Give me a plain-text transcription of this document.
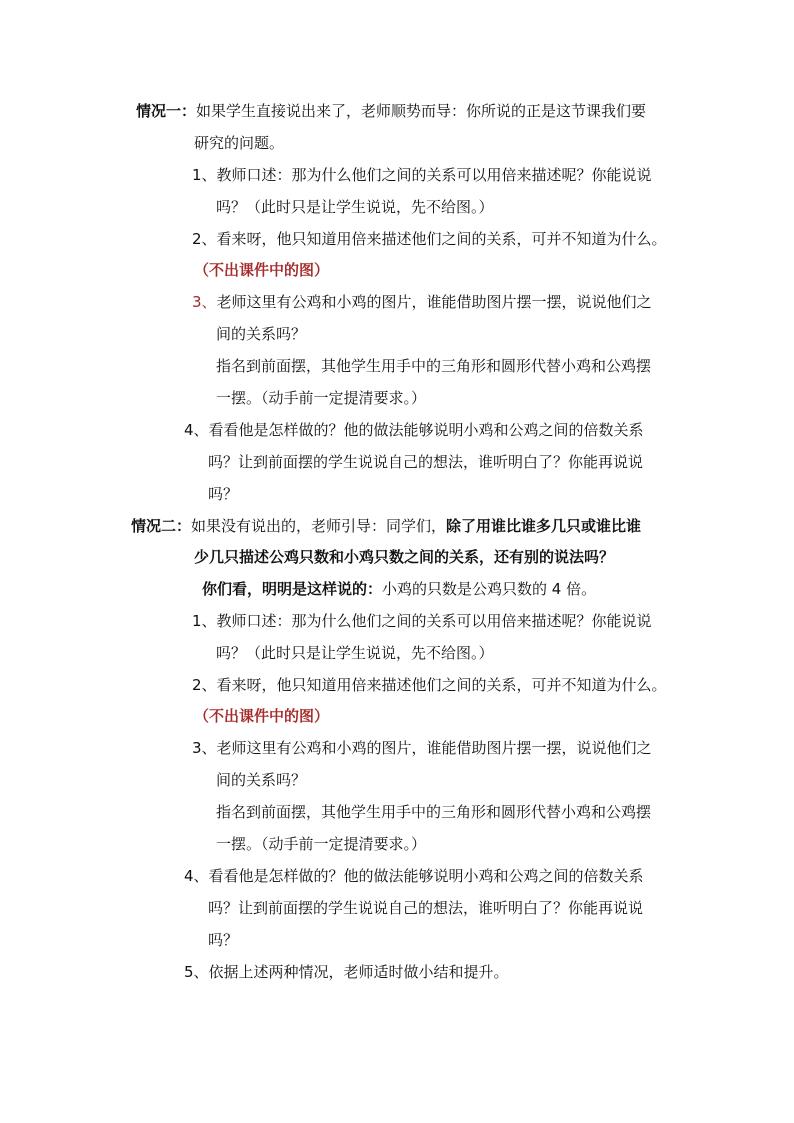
情况一：如果学生直接说出来了，老师顺势而导：你所说的正是这节课我们要
研究的问题。
1、教师口述：那为什么他们之间的关系可以用倍来描述呢？你能说说
吗？（此时只是让学生说说，先不给图。）
2、看来呀，他只知道用倍来描述他们之间的关系，可并不知道为什么。
（不出课件中的图）
3、老师这里有公鸡和小鸡的图片，谁能借助图片摆一摆，说说他们之
间的关系吗？
指名到前面摆，其他学生用手中的三角形和圆形代替小鸡和公鸡摆
一摆。（动手前一定提清要求。）
4、看看他是怎样做的？他的做法能够说明小鸡和公鸡之间的倍数关系
吗？让到前面摆的学生说说自己的想法，谁听明白了？你能再说说
吗？
情况二：如果没有说出的，老师引导：同学们，除了用谁比谁多几只或谁比谁
少几只描述公鸡只数和小鸡只数之间的关系，还有别的说法吗？
你们看，明明是这样说的：小鸡的只数是公鸡只数的 4 倍。
1、教师口述：那为什么他们之间的关系可以用倍来描述呢？你能说说
吗？（此时只是让学生说说，先不给图。）
2、看来呀，他只知道用倍来描述他们之间的关系，可并不知道为什么。
（不出课件中的图）
3、老师这里有公鸡和小鸡的图片，谁能借助图片摆一摆，说说他们之
间的关系吗？
指名到前面摆，其他学生用手中的三角形和圆形代替小鸡和公鸡摆
一摆。（动手前一定提清要求。）
4、看看他是怎样做的？他的做法能够说明小鸡和公鸡之间的倍数关系
吗？让到前面摆的学生说说自己的想法，谁听明白了？你能再说说
吗？
5、依据上述两种情况，老师适时做小结和提升。
